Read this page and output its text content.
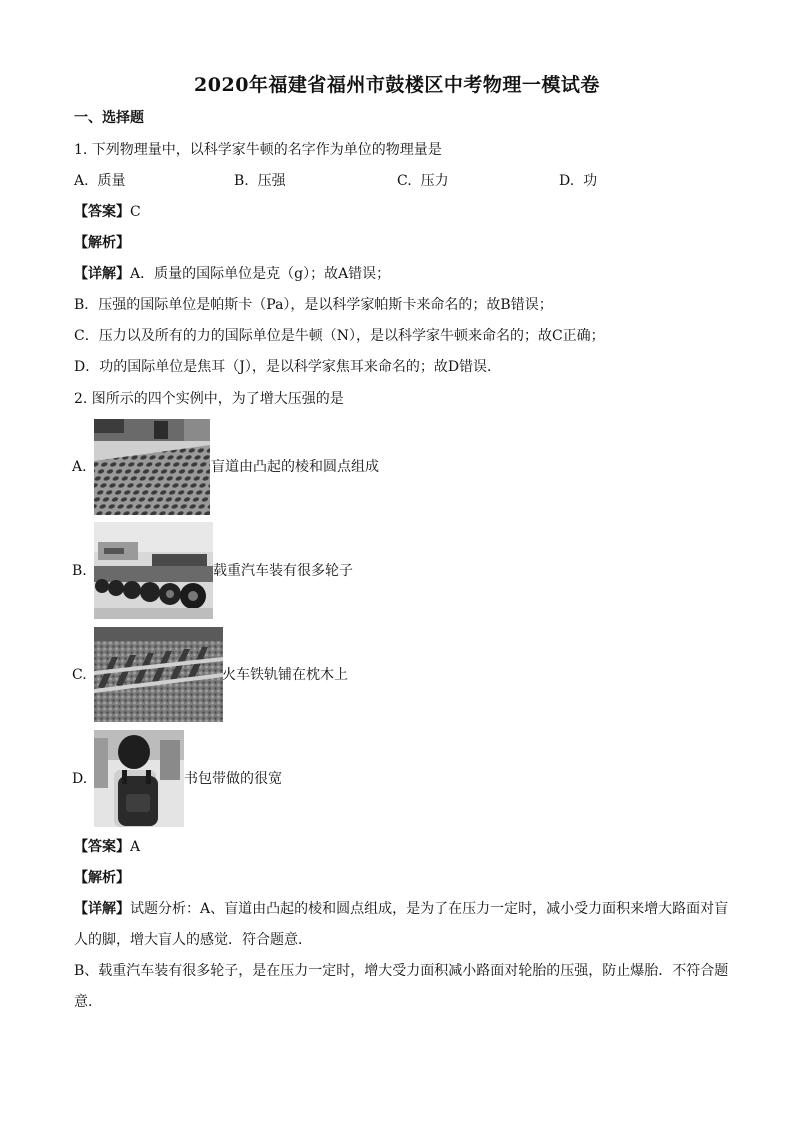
2020年福建省福州市鼓楼区中考物理一模试卷
一、选择题
1. 下列物理量中，以科学家牛顿的名字作为单位的物理量是
A. 质量	B. 压强	C. 压力	D. 功
【答案】C
【解析】
【详解】A．质量的国际单位是克（g）；故A错误；
B．压强的国际单位是帕斯卡（Pa），是以科学家帕斯卡来命名的；故B错误；
C．压力以及所有的力的国际单位是牛顿（N），是以科学家牛顿来命名的；故C正确；
D．功的国际单位是焦耳（J），是以科学家焦耳来命名的；故D错误．
2. 图所示的四个实例中，为了增大压强的是
A.	盲道由凸起的棱和圆点组成
B.	载重汽车装有很多轮子
C.	火车铁轨铺在枕木上
D.	书包带做的很宽
【答案】A
【解析】
【详解】试题分析：A、盲道由凸起的棱和圆点组成，是为了在压力一定时，减小受力面积来增大路面对盲
人的脚，增大盲人的感觉．符合题意．
B、载重汽车装有很多轮子，是在压力一定时，增大受力面积减小路面对轮胎的压强，防止爆胎．不符合题
意．
